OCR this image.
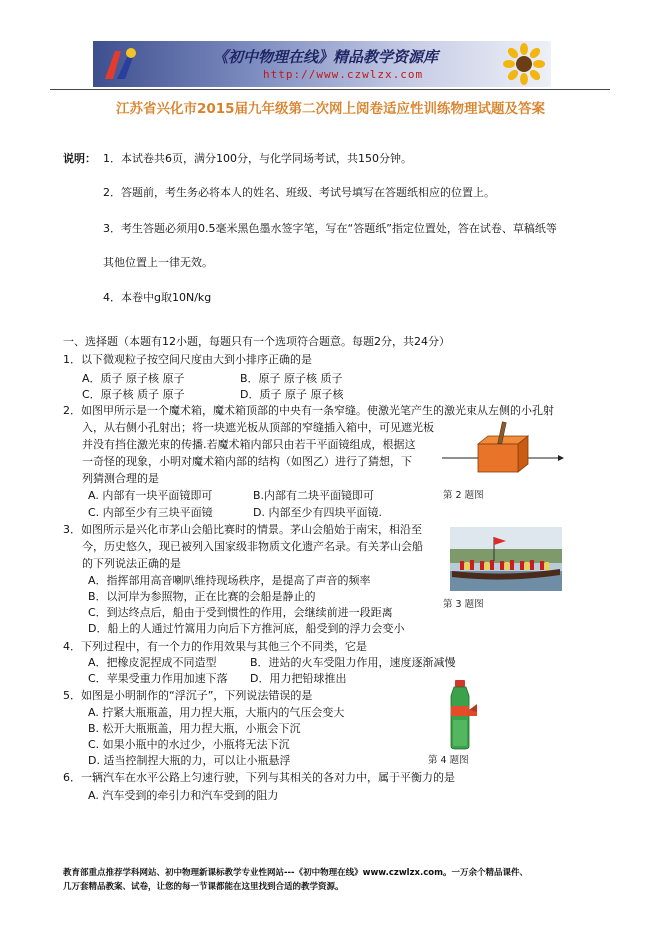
《初中物理在线》精品教学资源库
http://www.czwlzx.com
江苏省兴化市2015届九年级第二次网上阅卷适应性训练物理试题及答案
说明： 1．本试卷共6页，满分100分，与化学同场考试，共150分钟。
2．答题前，考生务必将本人的姓名、班级、考试号填写在答题纸相应的位置上。
3．考生答题必须用0.5毫米黑色墨水签字笔，写在“答题纸”指定位置处，答在试卷、草稿纸等
其他位置上一律无效。
4．本卷中g取10N/kg
一、选择题（本题有12小题，每题只有一个选项符合题意。每题2分，共24分）
1．以下微观粒子按空间尺度由大到小排序正确的是
A．质子 原子核 原子	B．原子 原子核 质子
C．原子核 质子 原子	D．质子 原子 原子核
2．如图甲所示是一个魔术箱，魔术箱顶部的中央有一条窄缝。使激光笔产生的激光束从左侧的小孔射
入，从右侧小孔射出；将一块遮光板从顶部的窄缝插入箱中，可见遮光板
并没有挡住激光束的传播.若魔术箱内部只由若干平面镜组成，根据这
一奇怪的现象，小明对魔术箱内部的结构（如图乙）进行了猜想，下
列猜测合理的是
A. 内部有一块平面镜即可	B.内部有二块平面镜即可
C. 内部至少有三块平面镜	D. 内部至少有四块平面镜.
第 2 题图
3．如图所示是兴化市茅山会船比赛时的情景。茅山会船始于南宋，相沿至
今，历史悠久，现已被列入国家级非物质文化遗产名录。有关茅山会船
的下列说法正确的是
A．指挥部用高音喇叭维持现场秩序，是提高了声音的频率
B．以河岸为参照物，正在比赛的会船是静止的
C．到达终点后，船由于受到惯性的作用，会继续前进一段距离
D．船上的人通过竹篙用力向后下方推河底，船受到的浮力会变小
第 3 题图
4．下列过程中，有一个力的作用效果与其他三个不同类，它是
A．把橡皮泥捏成不同造型	B．进站的火车受阻力作用，速度逐渐减慢
C．苹果受重力作用加速下落 D．用力把铅球推出
5．如图是小明制作的“浮沉子”，下列说法错误的是
A. 拧紧大瓶瓶盖，用力捏大瓶，大瓶内的气压会变大
B. 松开大瓶瓶盖，用力捏大瓶，小瓶会下沉
C. 如果小瓶中的水过少，小瓶将无法下沉
D. 适当控制捏大瓶的力，可以让小瓶悬浮	第 4 题图
6．一辆汽车在水平公路上匀速行驶，下列与其相关的各对力中，属于平衡力的是
A. 汽车受到的牵引力和汽车受到的阻力
教育部重点推荐学科网站、初中物理新课标教学专业性网站---《初中物理在线》www.czwlzx.com。一万余个精品课件、
几万套精品教案、试卷，让您的每一节课都能在这里找到合适的教学资源。
